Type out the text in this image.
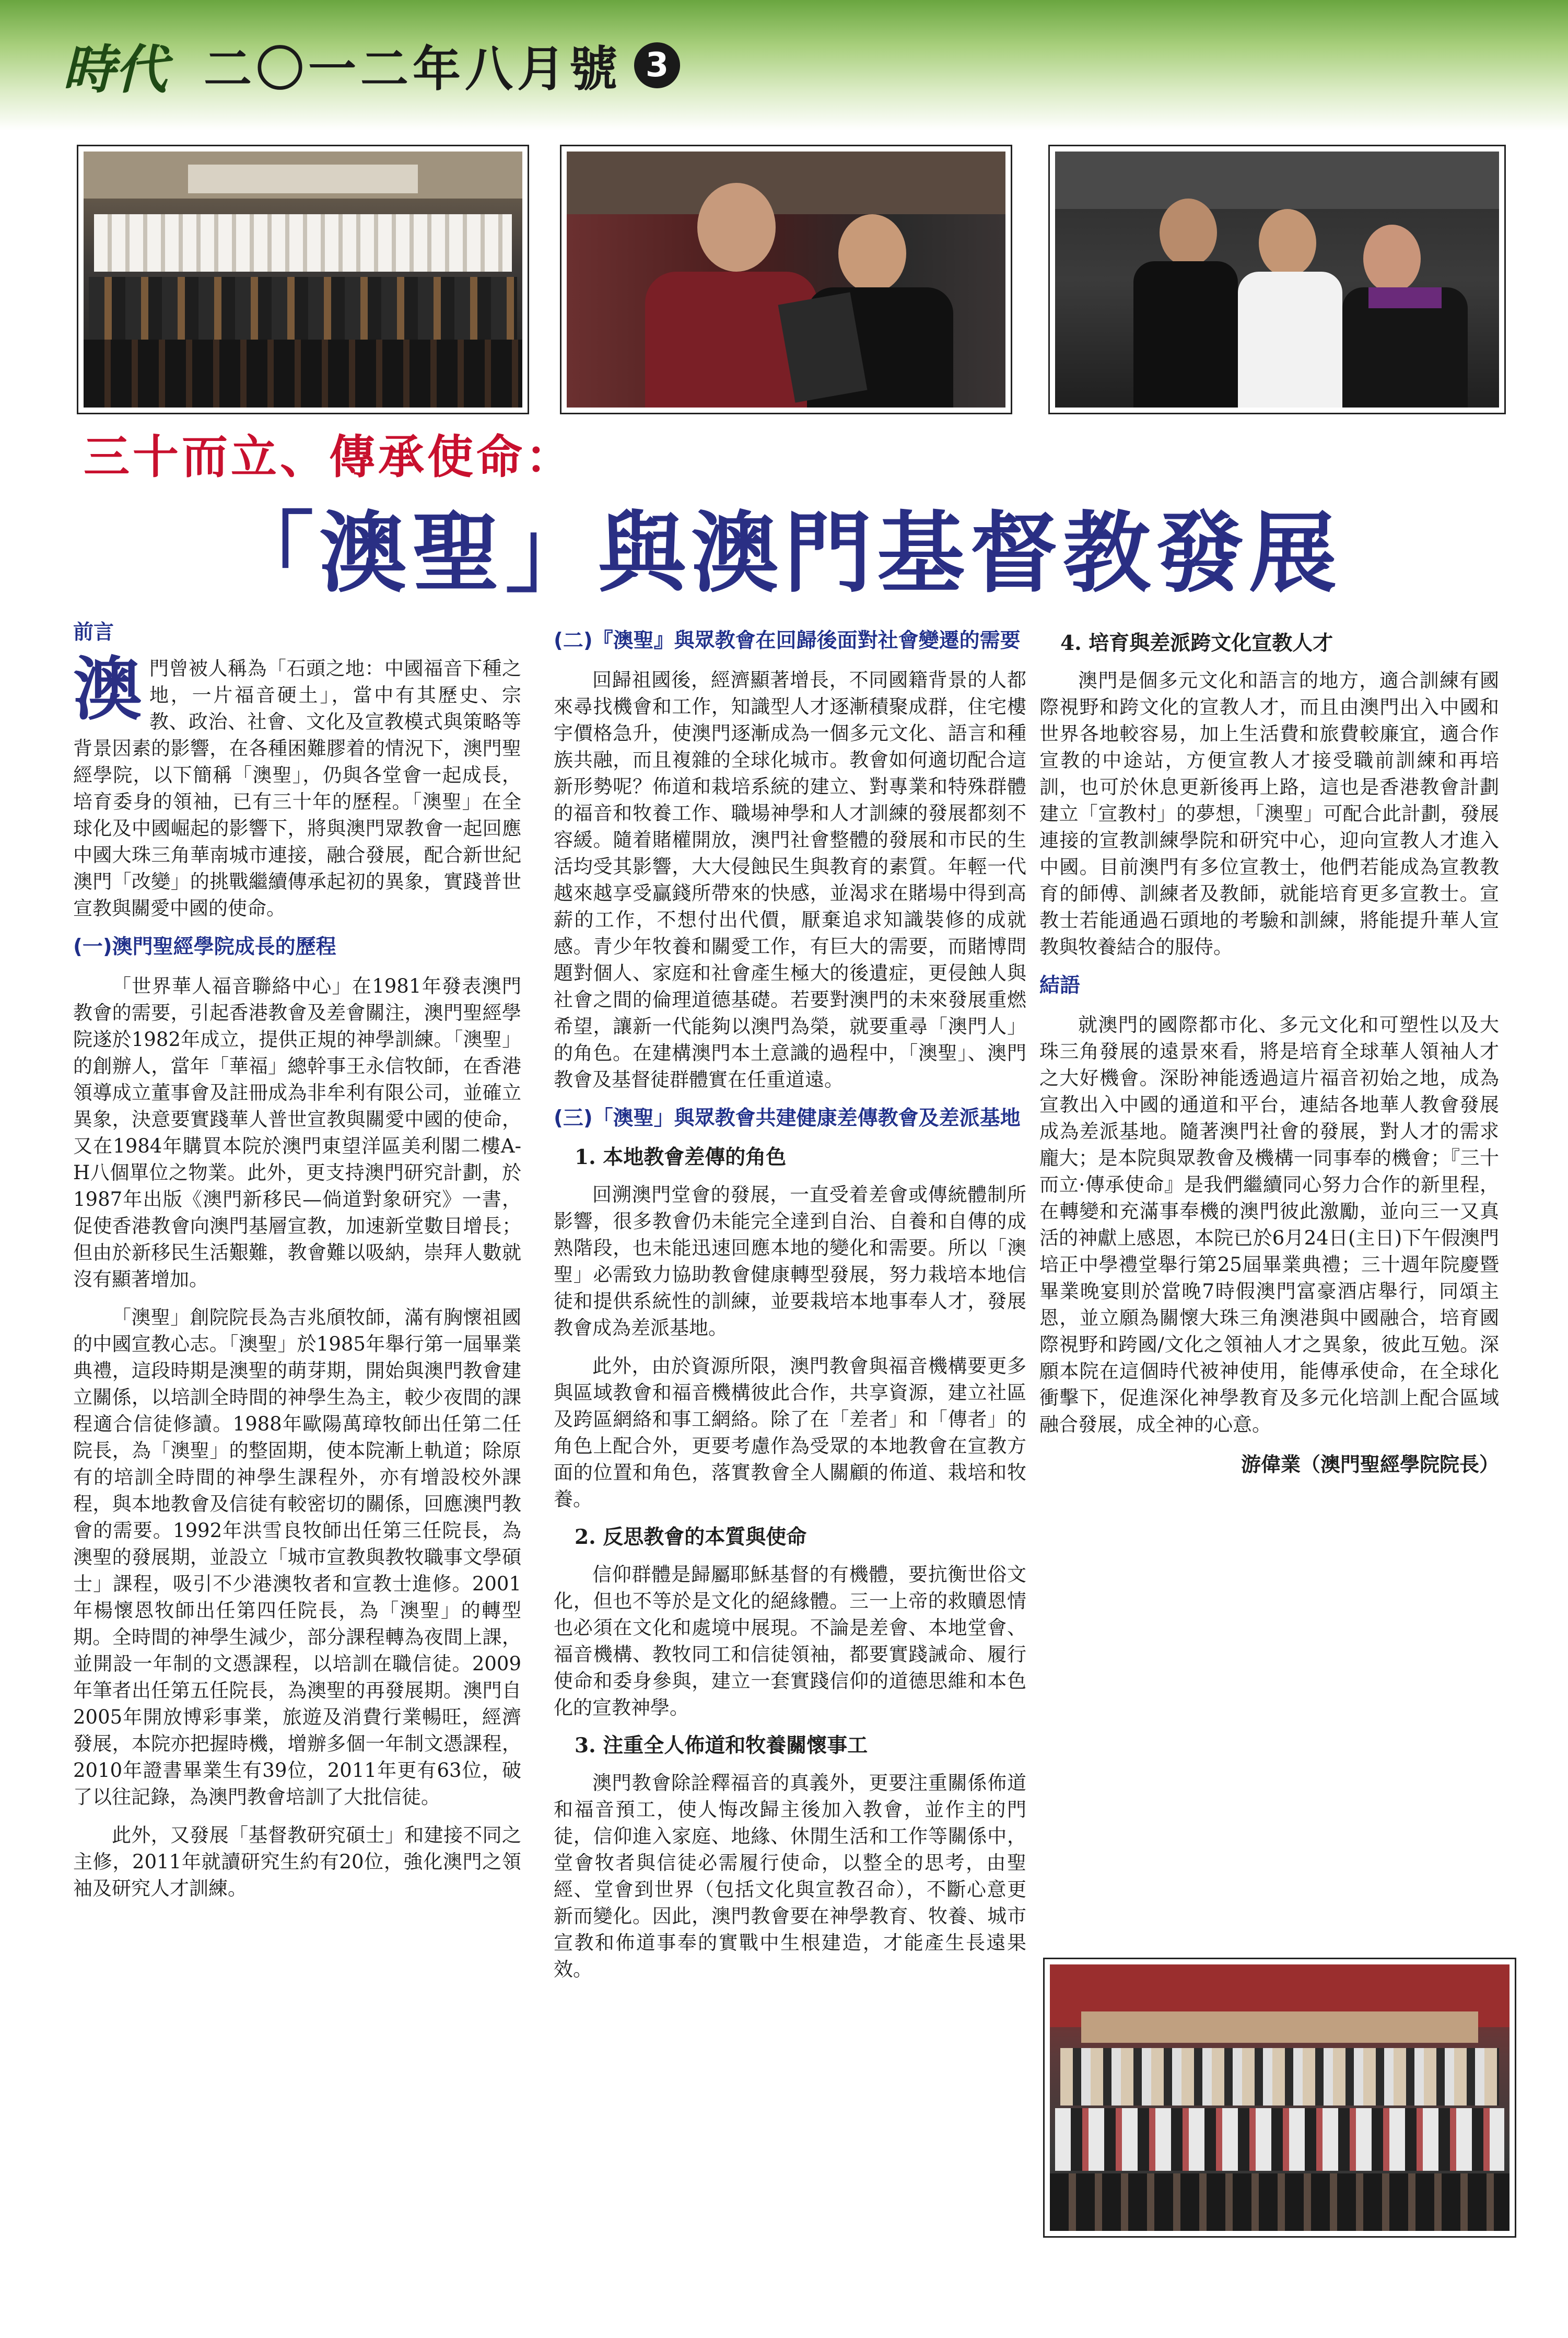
時代 二〇一二年八月號 3
三十而立、傳承使命：
「澳聖」與澳門基督教發展
前言

澳門曾被人稱為「石頭之地：中國福音下種之地，一片福音硬土」，當中有其歷史、宗教、政治、社會、文化及宣教模式與策略等背景因素的影響，在各種困難膠着的情況下，澳門聖經學院，以下簡稱「澳聖」，仍與各堂會一起成長，培育委身的領袖，已有三十年的歷程。「澳聖」在全球化及中國崛起的影響下，將與澳門眾教會一起回應中國大珠三角華南城市連接，融合發展，配合新世紀澳門「改變」的挑戰繼續傳承起初的異象，實踐普世宣教與關愛中國的使命。

(一)澳門聖經學院成長的歷程

「世界華人福音聯絡中心」在1981年發表澳門教會的需要，引起香港教會及差會關注，澳門聖經學院遂於1982年成立，提供正規的神學訓練。「澳聖」的創辦人，當年「華福」總幹事王永信牧師，在香港領導成立董事會及註冊成為非牟利有限公司，並確立異象，決意要實踐華人普世宣教與關愛中國的使命，又在1984年購買本院於澳門東望洋區美利閣二樓A-H八個單位之物業。此外，更支持澳門研究計劃，於1987年出版《澳門新移民—倘道對象研究》一書，促使香港教會向澳門基層宣教，加速新堂數目增長；但由於新移民生活艱難，教會難以吸納，崇拜人數就沒有顯著增加。

「澳聖」創院院長為吉兆頎牧師，滿有胸懷祖國的中國宣教心志。「澳聖」於1985年舉行第一屆畢業典禮，這段時期是澳聖的萌芽期，開始與澳門教會建立關係，以培訓全時間的神學生為主，較少夜間的課程適合信徒修讀。1988年歐陽萬璋牧師出任第二任院長，為「澳聖」的整固期，使本院漸上軌道；除原有的培訓全時間的神學生課程外，亦有增設校外課程，與本地教會及信徒有較密切的關係，回應澳門教會的需要。1992年洪雪良牧師出任第三任院長，為澳聖的發展期，並設立「城市宣教與教牧職事文學碩士」課程，吸引不少港澳牧者和宣教士進修。2001年楊懷恩牧師出任第四任院長，為「澳聖」的轉型期。全時間的神學生減少，部分課程轉為夜間上課，並開設一年制的文憑課程，以培訓在職信徒。2009年筆者出任第五任院長，為澳聖的再發展期。澳門自2005年開放博彩事業，旅遊及消費行業暢旺，經濟發展，本院亦把握時機，增辦多個一年制文憑課程，2010年證書畢業生有39位，2011年更有63位，破了以往記錄，為澳門教會培訓了大批信徒。

此外，又發展「基督教研究碩士」和建接不同之主修，2011年就讀研究生約有20位，強化澳門之領袖及研究人才訓練。

(二)『澳聖』與眾教會在回歸後面對社會變遷的需要

回歸祖國後，經濟顯著增長，不同國籍背景的人都來尋找機會和工作，知識型人才逐漸積聚成群，住宅樓宇價格急升，使澳門逐漸成為一個多元文化、語言和種族共融，而且複雜的全球化城市。教會如何適切配合這新形勢呢？佈道和栽培系統的建立、對專業和特殊群體的福音和牧養工作、職場神學和人才訓練的發展都刻不容緩。隨着賭權開放，澳門社會整體的發展和市民的生活均受其影響，大大侵蝕民生與教育的素質。年輕一代越來越享受贏錢所帶來的快感，並渴求在賭場中得到高薪的工作，不想付出代價，厭棄追求知識裝修的成就感。青少年牧養和關愛工作，有巨大的需要，而賭博問題對個人、家庭和社會產生極大的後遺症，更侵蝕人與社會之間的倫理道德基礎。若要對澳門的未來發展重燃希望，讓新一代能夠以澳門為榮，就要重尋「澳門人」的角色。在建構澳門本土意識的過程中，「澳聖」、澳門教會及基督徒群體實在任重道遠。

(三)「澳聖」與眾教會共建健康差傳教會及差派基地
1. 本地教會差傳的角色

回溯澳門堂會的發展，一直受着差會或傳統體制所影響，很多教會仍未能完全達到自治、自養和自傳的成熟階段，也未能迅速回應本地的變化和需要。所以「澳聖」必需致力協助教會健康轉型發展，努力栽培本地信徒和提供系統性的訓練，並要栽培本地事奉人才，發展教會成為差派基地。

此外，由於資源所限，澳門教會與福音機構要更多與區域教會和福音機構彼此合作，共享資源，建立社區及跨區網絡和事工網絡。除了在「差者」和「傳者」的角色上配合外，更要考慮作為受眾的本地教會在宣教方面的位置和角色，落實教會全人關顧的佈道、栽培和牧養。

2. 反思教會的本質與使命

信仰群體是歸屬耶穌基督的有機體，要抗衡世俗文化，但也不等於是文化的絕緣體。三一上帝的救贖恩情也必須在文化和處境中展現。不論是差會、本地堂會、福音機構、教牧同工和信徒領袖，都要實踐誡命、履行使命和委身參與，建立一套實踐信仰的道德思維和本色化的宣教神學。

3. 注重全人佈道和牧養關懷事工

澳門教會除詮釋福音的真義外，更要注重關係佈道和福音預工，使人悔改歸主後加入教會，並作主的門徒，信仰進入家庭、地緣、休閒生活和工作等關係中，堂會牧者與信徒必需履行使命，以整全的思考，由聖經、堂會到世界（包括文化與宣教召命），不斷心意更新而變化。因此，澳門教會要在神學教育、牧養、城市宣教和佈道事奉的實戰中生根建造，才能產生長遠果效。

4. 培育與差派跨文化宣教人才

澳門是個多元文化和語言的地方，適合訓練有國際視野和跨文化的宣教人才，而且由澳門出入中國和世界各地較容易，加上生活費和旅費較廉宜，適合作宣教的中途站，方便宣教人才接受職前訓練和再培訓，也可於休息更新後再上路，這也是香港教會計劃建立「宣教村」的夢想，「澳聖」可配合此計劃，發展連接的宣教訓練學院和研究中心，迎向宣教人才進入中國。目前澳門有多位宣教士，他們若能成為宣教教育的師傅、訓練者及教師，就能培育更多宣教士。宣教士若能通過石頭地的考驗和訓練，將能提升華人宣教與牧養結合的服侍。

結語

就澳門的國際都市化、多元文化和可塑性以及大珠三角發展的遠景來看，將是培育全球華人領袖人才之大好機會。深盼神能透過這片福音初始之地，成為宣教出入中國的通道和平台，連結各地華人教會發展成為差派基地。隨著澳門社會的發展，對人才的需求龐大；是本院與眾教會及機構一同事奉的機會；『三十而立·傳承使命』是我們繼續同心努力合作的新里程，在轉變和充滿事奉機的澳門彼此激勵，並向三一又真活的神獻上感恩，本院已於6月24日(主日)下午假澳門培正中學禮堂舉行第25屆畢業典禮；三十週年院慶暨畢業晚宴則於當晚7時假澳門富豪酒店舉行，同頌主恩，並立願為關懷大珠三角澳港與中國融合，培育國際視野和跨國/文化之領袖人才之異象，彼此互勉。深願本院在這個時代被神使用，能傳承使命，在全球化衝擊下，促進深化神學教育及多元化培訓上配合區域融合發展，成全神的心意。

游偉業（澳門聖經學院院長）
